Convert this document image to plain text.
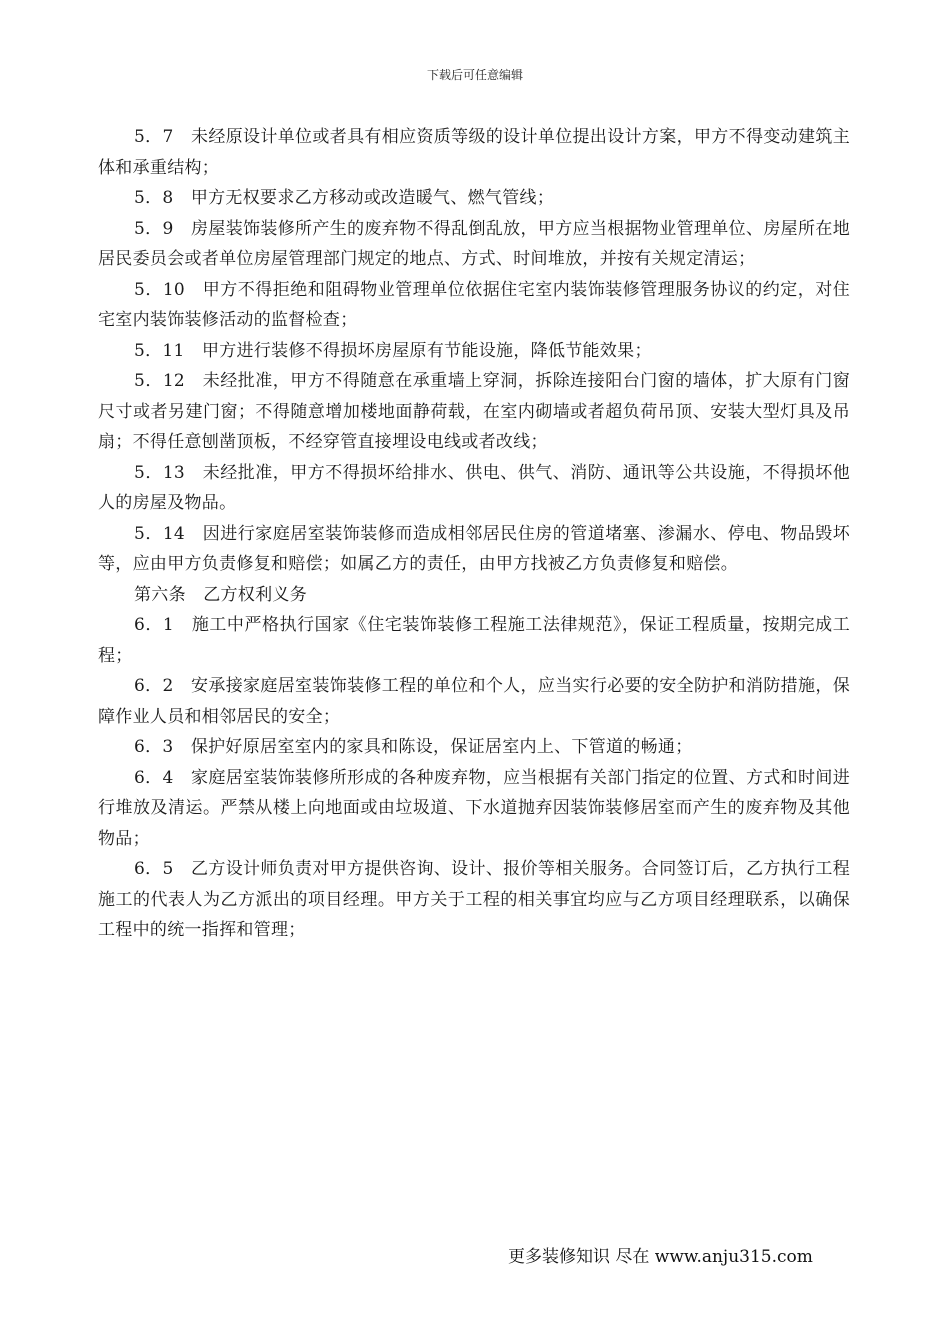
下载后可任意编辑

5．7　未经原设计单位或者具有相应资质等级的设计单位提出设计方案，甲方不得变动建筑主体和承重结构；

5．8　甲方无权要求乙方移动或改造暖气、燃气管线；

5．9　房屋装饰装修所产生的废弃物不得乱倒乱放，甲方应当根据物业管理单位、房屋所在地居民委员会或者单位房屋管理部门规定的地点、方式、时间堆放，并按有关规定清运；

5．10　甲方不得拒绝和阻碍物业管理单位依据住宅室内装饰装修管理服务协议的约定，对住宅室内装饰装修活动的监督检查；

5．11　甲方进行装修不得损坏房屋原有节能设施，降低节能效果；

5．12　未经批准，甲方不得随意在承重墙上穿洞，拆除连接阳台门窗的墙体，扩大原有门窗尺寸或者另建门窗；不得随意增加楼地面静荷载，在室内砌墙或者超负荷吊顶、安装大型灯具及吊扇；不得任意刨凿顶板，不经穿管直接埋设电线或者改线；

5．13　未经批准，甲方不得损坏给排水、供电、供气、消防、通讯等公共设施，不得损坏他人的房屋及物品。

5．14　因进行家庭居室装饰装修而造成相邻居民住房的管道堵塞、渗漏水、停电、物品毁坏等，应由甲方负责修复和赔偿；如属乙方的责任，由甲方找被乙方负责修复和赔偿。

第六条　乙方权利义务

6．1　施工中严格执行国家《住宅装饰装修工程施工法律规范》，保证工程质量，按期完成工程；

6．2　安承接家庭居室装饰装修工程的单位和个人，应当实行必要的安全防护和消防措施，保障作业人员和相邻居民的安全；

6．3　保护好原居室室内的家具和陈设，保证居室内上、下管道的畅通；

6．4　家庭居室装饰装修所形成的各种废弃物，应当根据有关部门指定的位置、方式和时间进行堆放及清运。严禁从楼上向地面或由垃圾道、下水道抛弃因装饰装修居室而产生的废弃物及其他物品；

6．5　乙方设计师负责对甲方提供咨询、设计、报价等相关服务。合同签订后，乙方执行工程施工的代表人为乙方派出的项目经理。甲方关于工程的相关事宜均应与乙方项目经理联系，以确保工程中的统一指挥和管理；

更多装修知识 尽在 www.anju315.com
